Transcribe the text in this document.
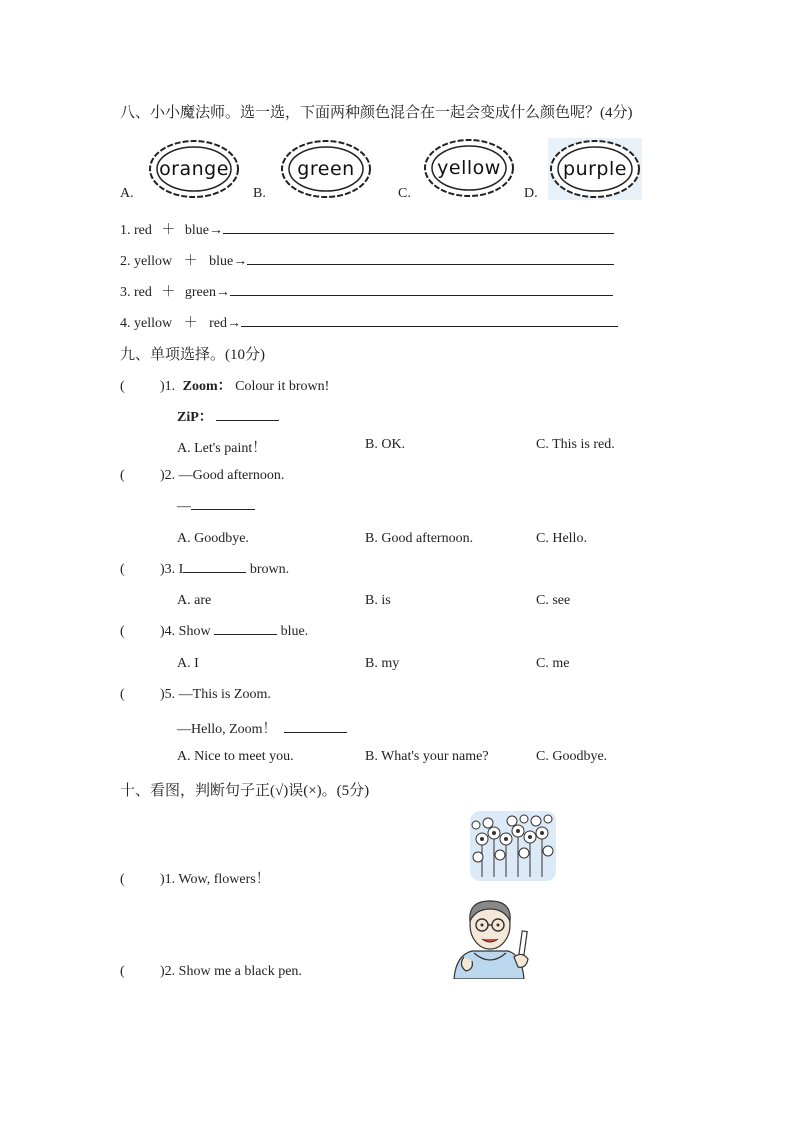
八、小小魔法师。选一选，下面两种颜色混合在一起会变成什么颜色呢？(4分)
A.
orange
B.
green
C.
yellow
D.
purple
1. red ＋ blue→
2. yellow ＋ blue→
3. red ＋ green→
4. yellow ＋ red→
九、单项选择。(10分)
(	)1. Zoom： Colour it brown!
ZiP：
A. Let's paint！	B. OK.	C. This is red.
(	)2. —Good afternoon.
—
A. Goodbye.	B. Good afternoon.	C. Hello.
(	)3. I	brown.
A. are	B. is	C. see
(	)4. Show	blue.
A. I	B. my	C. me
(	)5. —This is Zoom.
—Hello, Zoom！
A. Nice to meet you.	B. What's your name?	C. Goodbye.
十、看图，判断句子正(√)误(×)。(5分)
(	)1. Wow, flowers！
(	)2. Show me a black pen.
